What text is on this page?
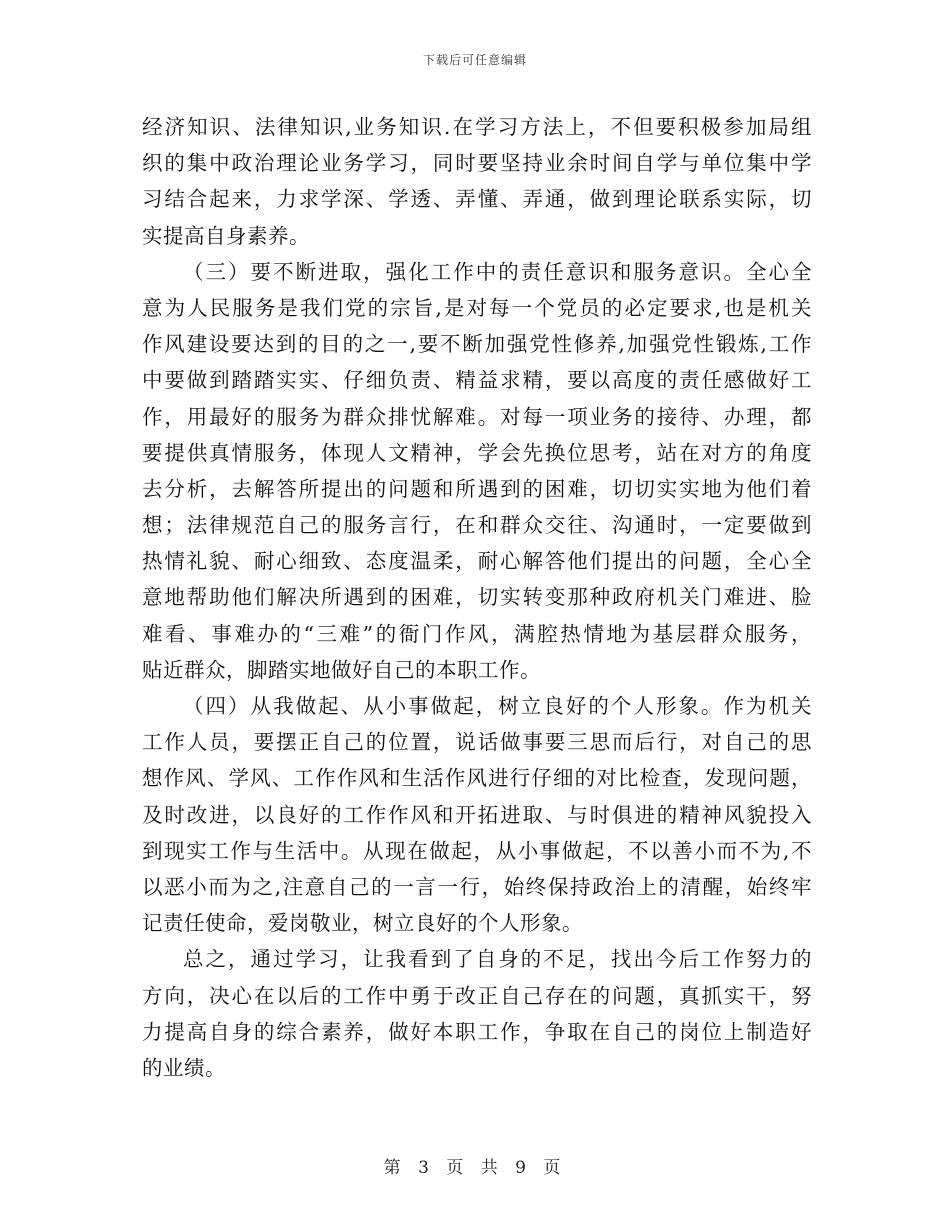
下载后可任意编辑
经济知识、法律知识,业务知识.在学习方法上，不但要积极参加局组
织的集中政治理论业务学习，同时要坚持业余时间自学与单位集中学
习结合起来，力求学深、学透、弄懂、弄通，做到理论联系实际，切
实提高自身素养。
（三）要不断进取，强化工作中的责任意识和服务意识。全心全
意为人民服务是我们党的宗旨,是对每一个党员的必定要求,也是机关
作风建设要达到的目的之一,要不断加强党性修养,加强党性锻炼,工作
中要做到踏踏实实、仔细负责、精益求精，要以高度的责任感做好工
作，用最好的服务为群众排忧解难。对每一项业务的接待、办理，都
要提供真情服务，体现人文精神，学会先换位思考，站在对方的角度
去分析，去解答所提出的问题和所遇到的困难，切切实实地为他们着
想；法律规范自己的服务言行，在和群众交往、沟通时，一定要做到
热情礼貌、耐心细致、态度温柔，耐心解答他们提出的问题，全心全
意地帮助他们解决所遇到的困难，切实转变那种政府机关门难进、脸
难看、事难办的“三难”的衙门作风，满腔热情地为基层群众服务，
贴近群众，脚踏实地做好自己的本职工作。
（四）从我做起、从小事做起，树立良好的个人形象。作为机关
工作人员，要摆正自己的位置，说话做事要三思而后行，对自己的思
想作风、学风、工作作风和生活作风进行仔细的对比检查，发现问题，
及时改进，以良好的工作作风和开拓进取、与时俱进的精神风貌投入
到现实工作与生活中。从现在做起，从小事做起，不以善小而不为,不
以恶小而为之,注意自己的一言一行，始终保持政治上的清醒，始终牢
记责任使命，爱岗敬业，树立良好的个人形象。
总之，通过学习，让我看到了自身的不足，找出今后工作努力的
方向，决心在以后的工作中勇于改正自己存在的问题，真抓实干，努
力提高自身的综合素养，做好本职工作，争取在自己的岗位上制造好
的业绩。
第 3 页 共 9 页
